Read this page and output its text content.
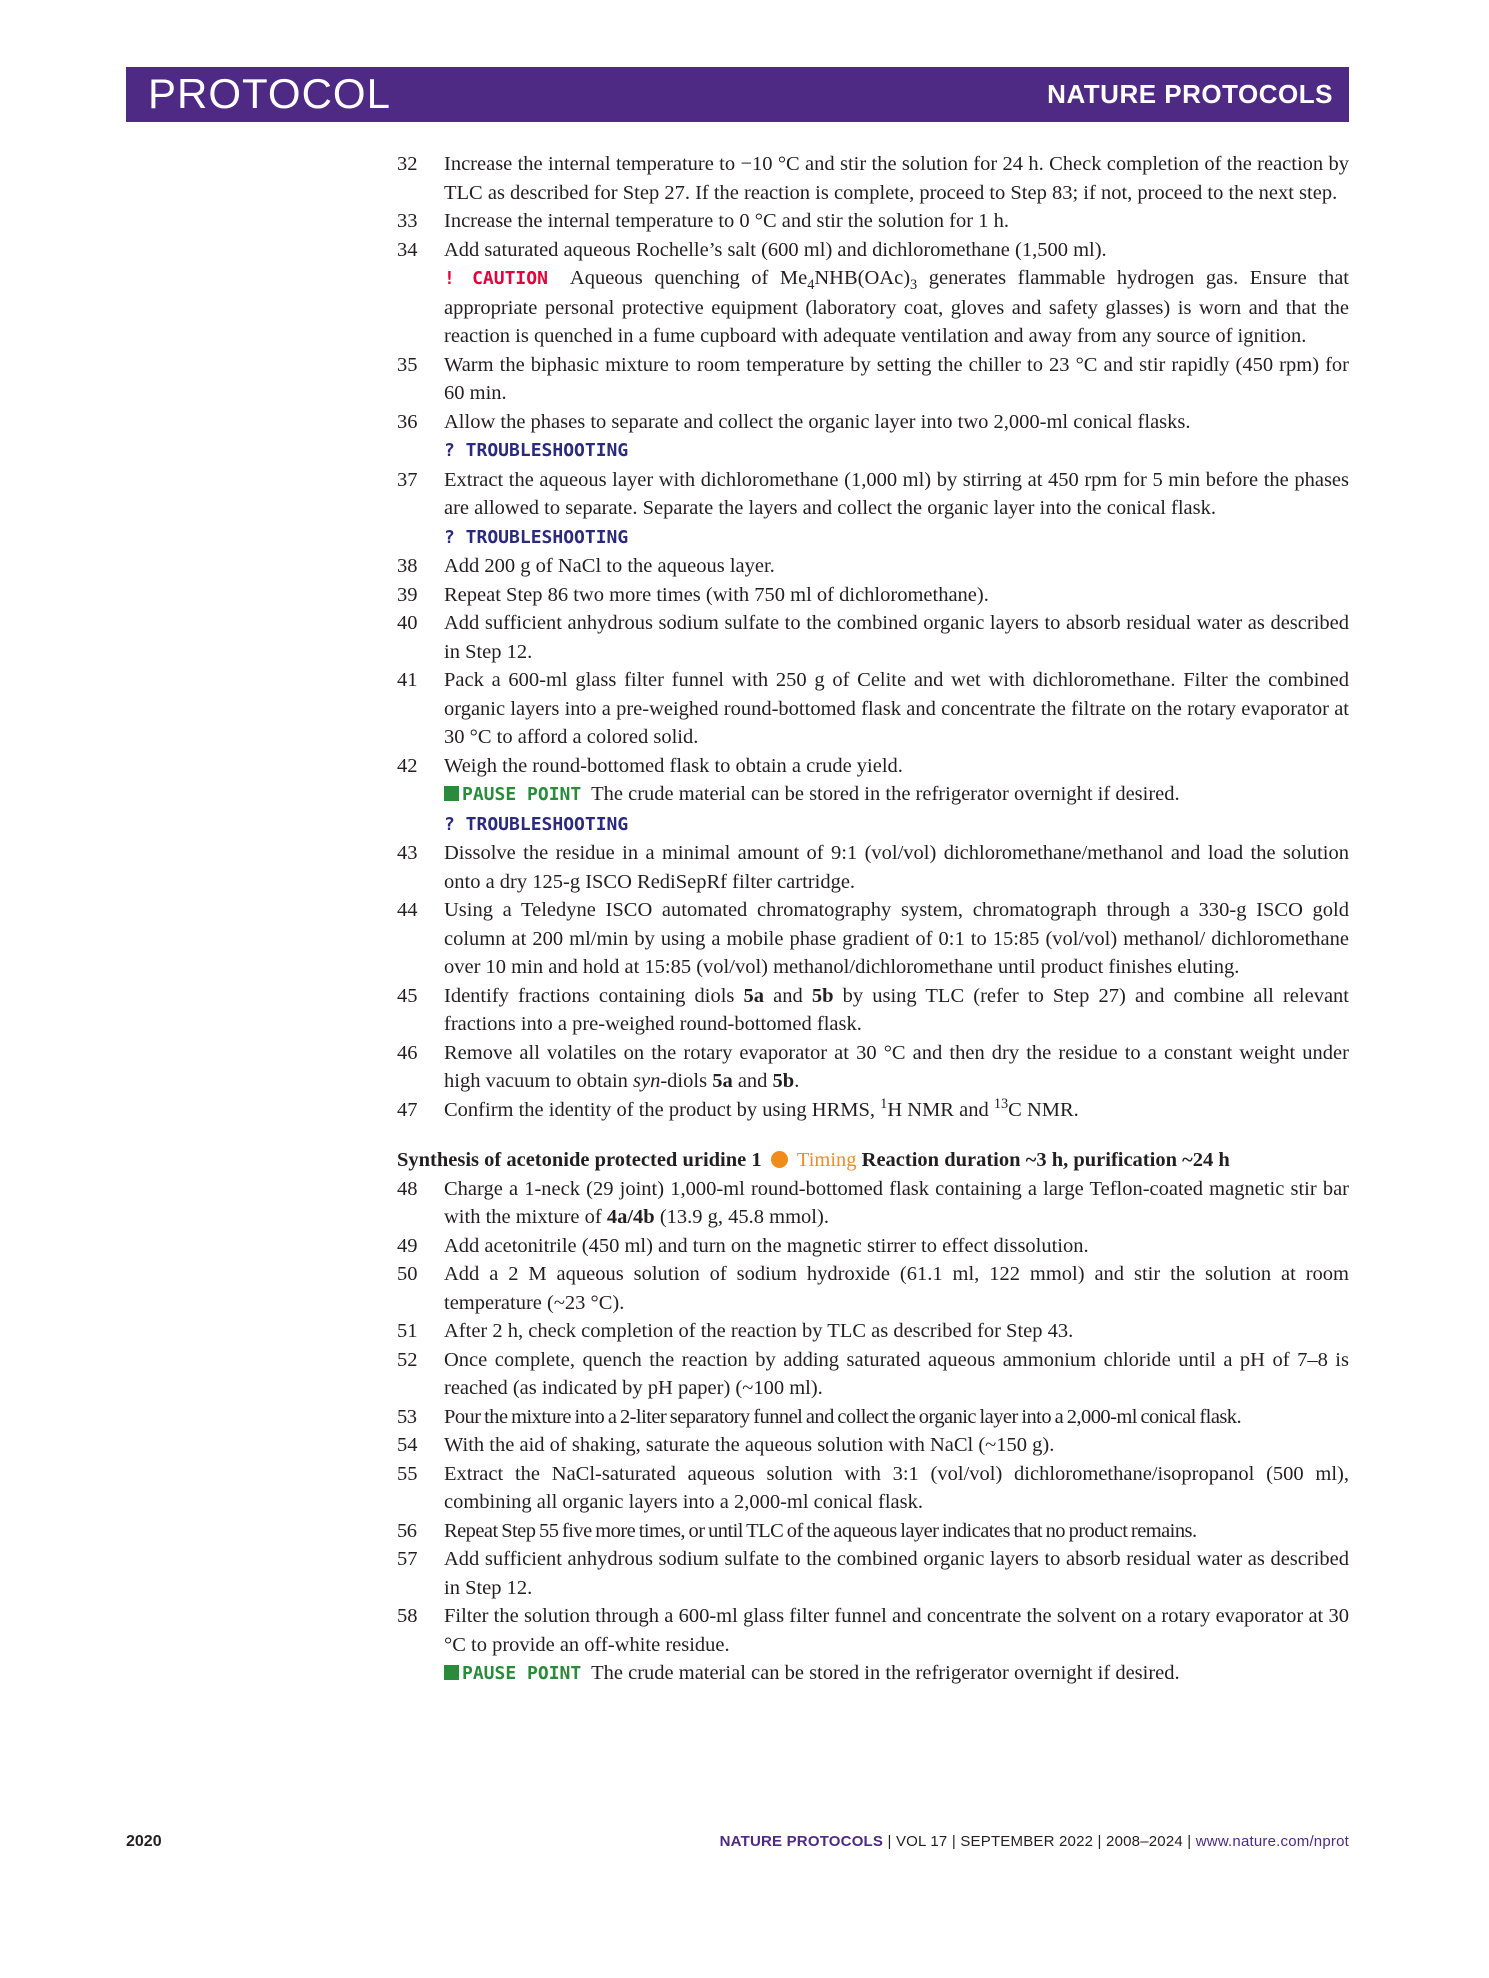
PROTOCOL	NATURE PROTOCOLS
32 Increase the internal temperature to −10 °C and stir the solution for 24 h. Check completion of the reaction by TLC as described for Step 27. If the reaction is complete, proceed to Step 83; if not, proceed to the next step.
33 Increase the internal temperature to 0 °C and stir the solution for 1 h.
34 Add saturated aqueous Rochelle’s salt (600 ml) and dichloromethane (1,500 ml).
! CAUTION Aqueous quenching of $Me_4NHB(OAc)_3$ generates flammable hydrogen gas. Ensure that appropriate personal protective equipment (laboratory coat, gloves and safety glasses) is worn and that the reaction is quenched in a fume cupboard with adequate ventilation and away from any source of ignition.
35 Warm the biphasic mixture to room temperature by setting the chiller to 23 °C and stir rapidly (450 rpm) for 60 min.
36 Allow the phases to separate and collect the organic layer into two 2,000-ml conical flasks.
? TROUBLESHOOTING
37 Extract the aqueous layer with dichloromethane (1,000 ml) by stirring at 450 rpm for 5 min before the phases are allowed to separate. Separate the layers and collect the organic layer into the conical flask.
? TROUBLESHOOTING
38 Add 200 g of NaCl to the aqueous layer.
39 Repeat Step 86 two more times (with 750 ml of dichloromethane).
40 Add sufficient anhydrous sodium sulfate to the combined organic layers to absorb residual water as described in Step 12.
41 Pack a 600-ml glass filter funnel with 250 g of Celite and wet with dichloromethane. Filter the combined organic layers into a pre-weighed round-bottomed flask and concentrate the filtrate on the rotary evaporator at 30 °C to afford a colored solid.
42 Weigh the round-bottomed flask to obtain a crude yield.
PAUSE POINT The crude material can be stored in the refrigerator overnight if desired.
? TROUBLESHOOTING
43 Dissolve the residue in a minimal amount of 9:1 (vol/vol) dichloromethane/methanol and load the solution onto a dry 125-g ISCO RediSepRf filter cartridge.
44 Using a Teledyne ISCO automated chromatography system, chromatograph through a 330-g ISCO gold column at 200 ml/min by using a mobile phase gradient of 0:1 to 15:85 (vol/vol) methanol/ dichloromethane over 10 min and hold at 15:85 (vol/vol) methanol/dichloromethane until product finishes eluting.
45 Identify fractions containing diols 5a and 5b by using TLC (refer to Step 27) and combine all relevant fractions into a pre-weighed round-bottomed flask.
46 Remove all volatiles on the rotary evaporator at 30 °C and then dry the residue to a constant weight under high vacuum to obtain syn-diols 5a and 5b.
47 Confirm the identity of the product by using HRMS, $^1$H NMR and $^{13}$C NMR.
Synthesis of acetonide protected uridine 1 Timing Reaction duration ~3 h, purification ~24 h
48 Charge a 1-neck (29 joint) 1,000-ml round-bottomed flask containing a large Teflon-coated magnetic stir bar with the mixture of 4a/4b (13.9 g, 45.8 mmol).
49 Add acetonitrile (450 ml) and turn on the magnetic stirrer to effect dissolution.
50 Add a 2 M aqueous solution of sodium hydroxide (61.1 ml, 122 mmol) and stir the solution at room temperature (~23 °C).
51 After 2 h, check completion of the reaction by TLC as described for Step 43.
52 Once complete, quench the reaction by adding saturated aqueous ammonium chloride until a pH of 7–8 is reached (as indicated by pH paper) (~100 ml).
53 Pour the mixture into a 2-liter separatory funnel and collect the organic layer into a 2,000-ml conical flask.
54 With the aid of shaking, saturate the aqueous solution with NaCl (~150 g).
55 Extract the NaCl-saturated aqueous solution with 3:1 (vol/vol) dichloromethane/isopropanol (500 ml), combining all organic layers into a 2,000-ml conical flask.
56 Repeat Step 55 five more times, or until TLC of the aqueous layer indicates that no product remains.
57 Add sufficient anhydrous sodium sulfate to the combined organic layers to absorb residual water as described in Step 12.
58 Filter the solution through a 600-ml glass filter funnel and concentrate the solvent on a rotary evaporator at 30 °C to provide an off-white residue.
PAUSE POINT The crude material can be stored in the refrigerator overnight if desired.
2020	NATURE PROTOCOLS | VOL 17 | SEPTEMBER 2022 | 2008–2024 | www.nature.com/nprot
